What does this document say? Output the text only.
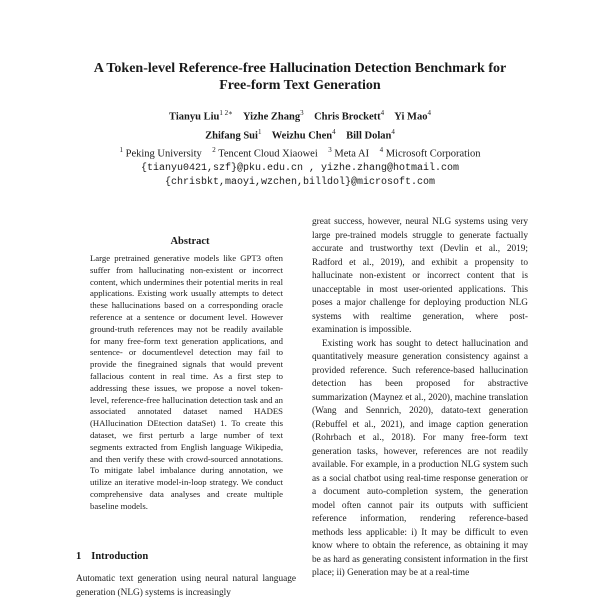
A Token-level Reference-free Hallucination Detection Benchmark for
Free-form Text Generation
Tianyu Liu$^{1 2∗}$ Yizhe Zhang$^3$ Chris Brockett$^4$ Yi Mao$^4$
Zhifang Sui$^1$ Weizhu Chen$^4$ Bill Dolan$^4$
$^1$ Peking University $^2$ Tencent Cloud Xiaowei $^3$ Meta AI $^4$ Microsoft Corporation
{tianyu0421,szf}@pku.edu.cn , yizhe.zhang@hotmail.com
{chrisbkt,maoyi,wzchen,billdol}@microsoft.com
Abstract

Large pretrained generative models like GPT3 often suffer from hallucinating non-existent or incorrect content, which undermines their potential merits in real applications. Existing work usually attempts to detect these hallucinations based on a corresponding oracle reference at a sentence or document level. However ground-truth references may not be readily available for many free-form text generation applications, and sentence- or documentlevel detection may fail to provide the finegrained signals that would prevent fallacious content in real time. As a first step to addressing these issues, we propose a novel token-level, reference-free hallucination detection task and an associated annotated dataset named HADES (HAllucination DEtection dataSet) 1. To create this dataset, we first perturb a large number of text segments extracted from English language Wikipedia, and then verify these with crowd-sourced annotations. To mitigate label imbalance during annotation, we utilize an iterative model-in-loop strategy. We conduct comprehensive data analyses and create multiple baseline models.

1 Introduction

Automatic text generation using neural natural language generation (NLG) systems is increasingly

great success, however, neural NLG systems using very large pre-trained models struggle to generate factually accurate and trustworthy text (Devlin et al., 2019; Radford et al., 2019), and exhibit a propensity to hallucinate non-existent or incorrect content that is unacceptable in most user-oriented applications. This poses a major challenge for deploying production NLG systems with realtime generation, where post-examination is impossible.

Existing work has sought to detect hallucination and quantitatively measure generation consistency against a provided reference. Such reference-based hallucination detection has been proposed for abstractive summarization (Maynez et al., 2020), machine translation (Wang and Sennrich, 2020), datato-text generation (Rebuffel et al., 2021), and image caption generation (Rohrbach et al., 2018). For many free-form text generation tasks, however, references are not readily available. For example, in a production NLG system such as a social chatbot using real-time response generation or a document auto-completion system, the generation model often cannot pair its outputs with sufficient reference information, rendering reference-based methods less applicable: i) It may be difficult to even know where to obtain the reference, as obtaining it may be as hard as generating consistent information in the first place; ii) Generation may be at a real-time
